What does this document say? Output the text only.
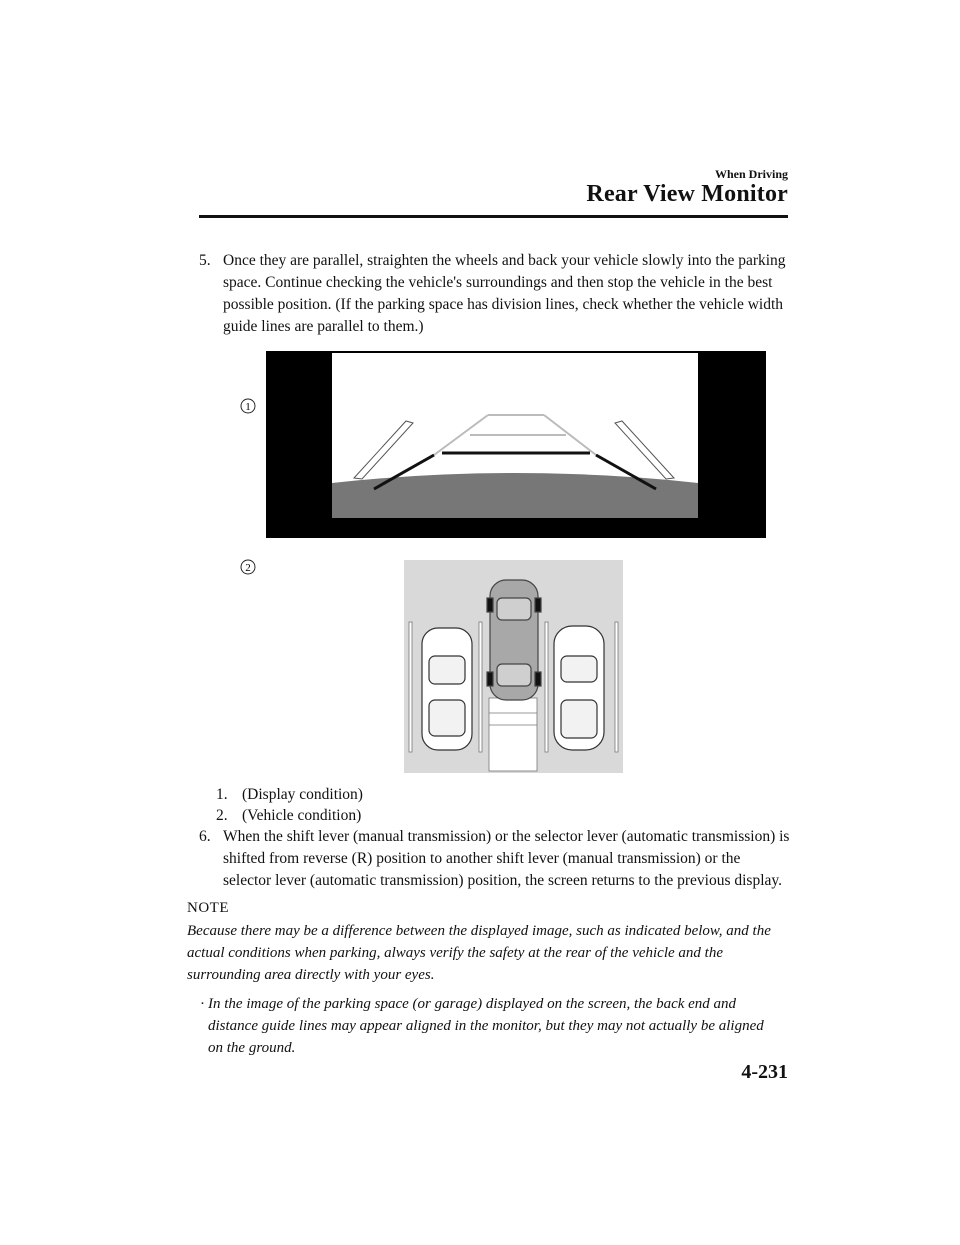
When Driving
Rear View Monitor
5. Once they are parallel, straighten the wheels and back your vehicle slowly into the parking space. Continue checking the vehicle's surroundings and then stop the vehicle in the best possible position. (If the parking space has division lines, check whether the vehicle width guide lines are parallel to them.)
1
2
1. (Display condition)
2. (Vehicle condition)
6. When the shift lever (manual transmission) or the selector lever (automatic transmission) is shifted from reverse (R) position to another shift lever (manual transmission) or the selector lever (automatic transmission) position, the screen returns to the previous display.
NOTE
Because there may be a difference between the displayed image, such as indicated below, and the actual conditions when parking, always verify the safety at the rear of the vehicle and the surrounding area directly with your eyes.
· In the image of the parking space (or garage) displayed on the screen, the back end and distance guide lines may appear aligned in the monitor, but they may not actually be aligned on the ground.
4-231
